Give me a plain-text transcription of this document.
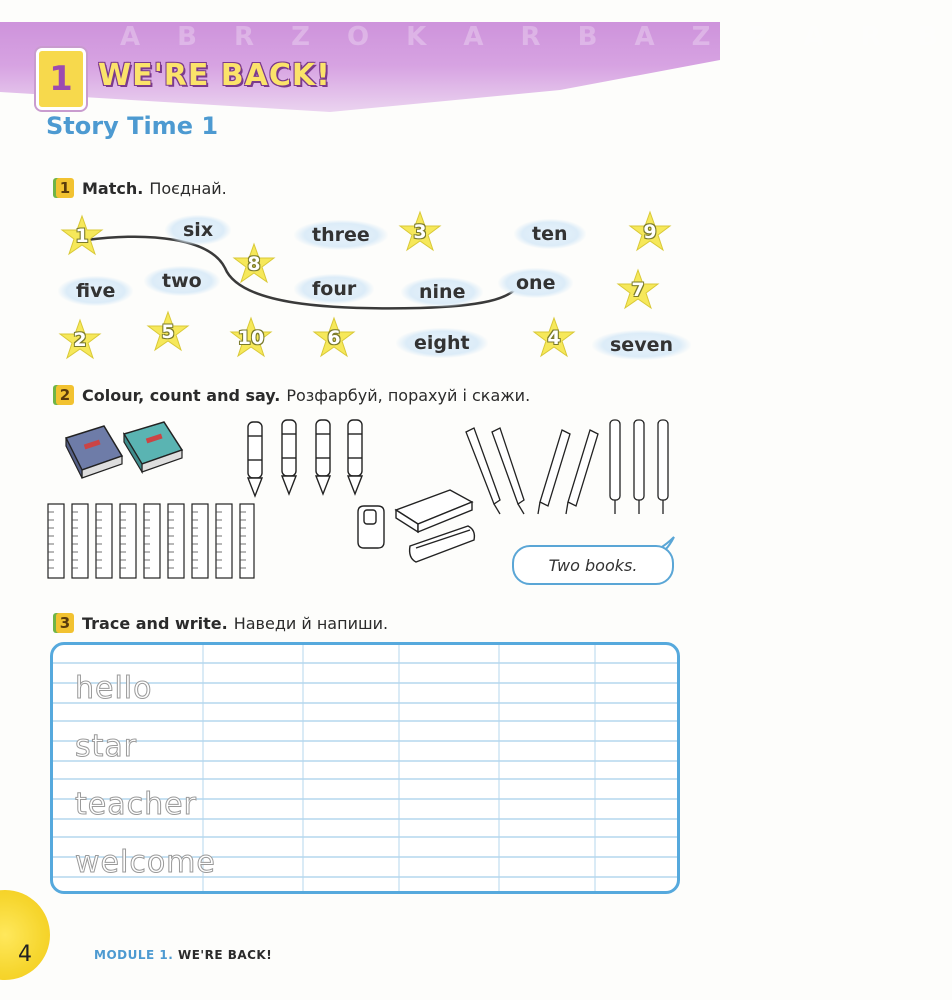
A B R Z O K A R B A Z P A R B
1 WE'RE BACK!
Story Time 1
1 Match. Поєднай.
six	three	ten
five	two	four	nine	one
eight	seven
1
8
3	9
7
2	5	10	6	4
2 Colour, count and say. Розфарбуй, порахуй і скажи.
Two books.
3 Trace and write. Наведи й напиши.
hello
star
teacher
welcome
4	MODULE 1. WE'RE BACK!
